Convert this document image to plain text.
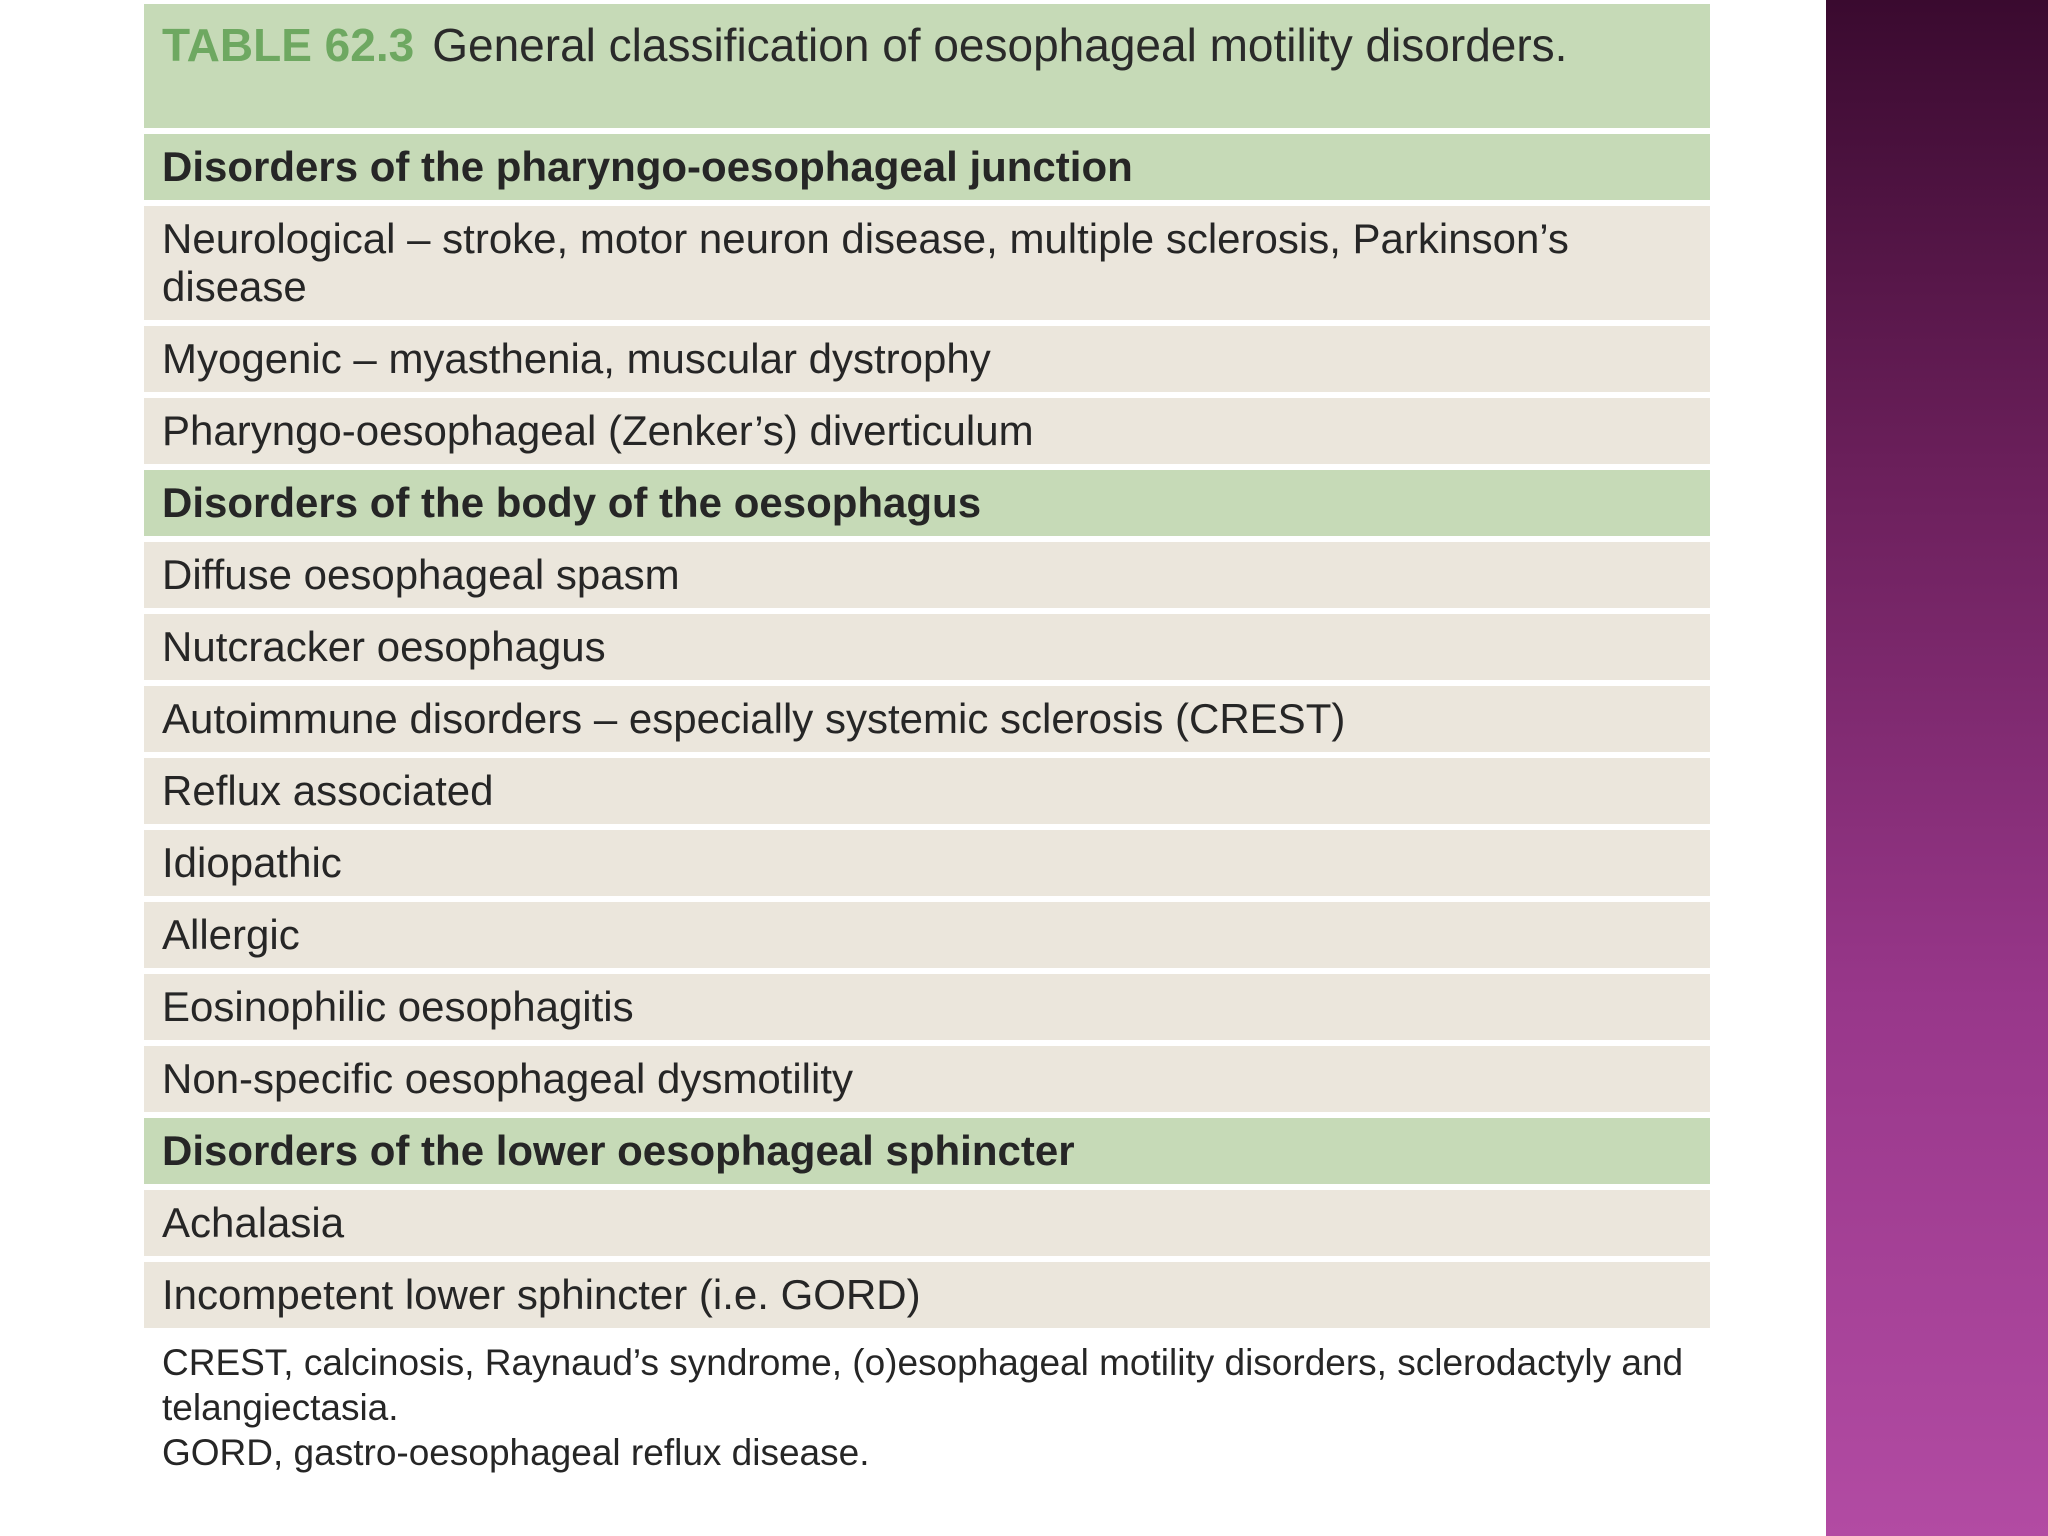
TABLE 62.3 General classification of oesophageal motility disorders.
Disorders of the pharyngo-oesophageal junction
Neurological – stroke, motor neuron disease, multiple sclerosis, Parkinson’s disease
Myogenic – myasthenia, muscular dystrophy
Pharyngo-oesophageal (Zenker’s) diverticulum
Disorders of the body of the oesophagus
Diffuse oesophageal spasm
Nutcracker oesophagus
Autoimmune disorders – especially systemic sclerosis (CREST)
Reflux associated
Idiopathic
Allergic
Eosinophilic oesophagitis
Non-specific oesophageal dysmotility
Disorders of the lower oesophageal sphincter
Achalasia
Incompetent lower sphincter (i.e. GORD)
CREST, calcinosis, Raynaud’s syndrome, (o)esophageal motility disorders, sclerodactyly and telangiectasia.
GORD, gastro-oesophageal reflux disease.
